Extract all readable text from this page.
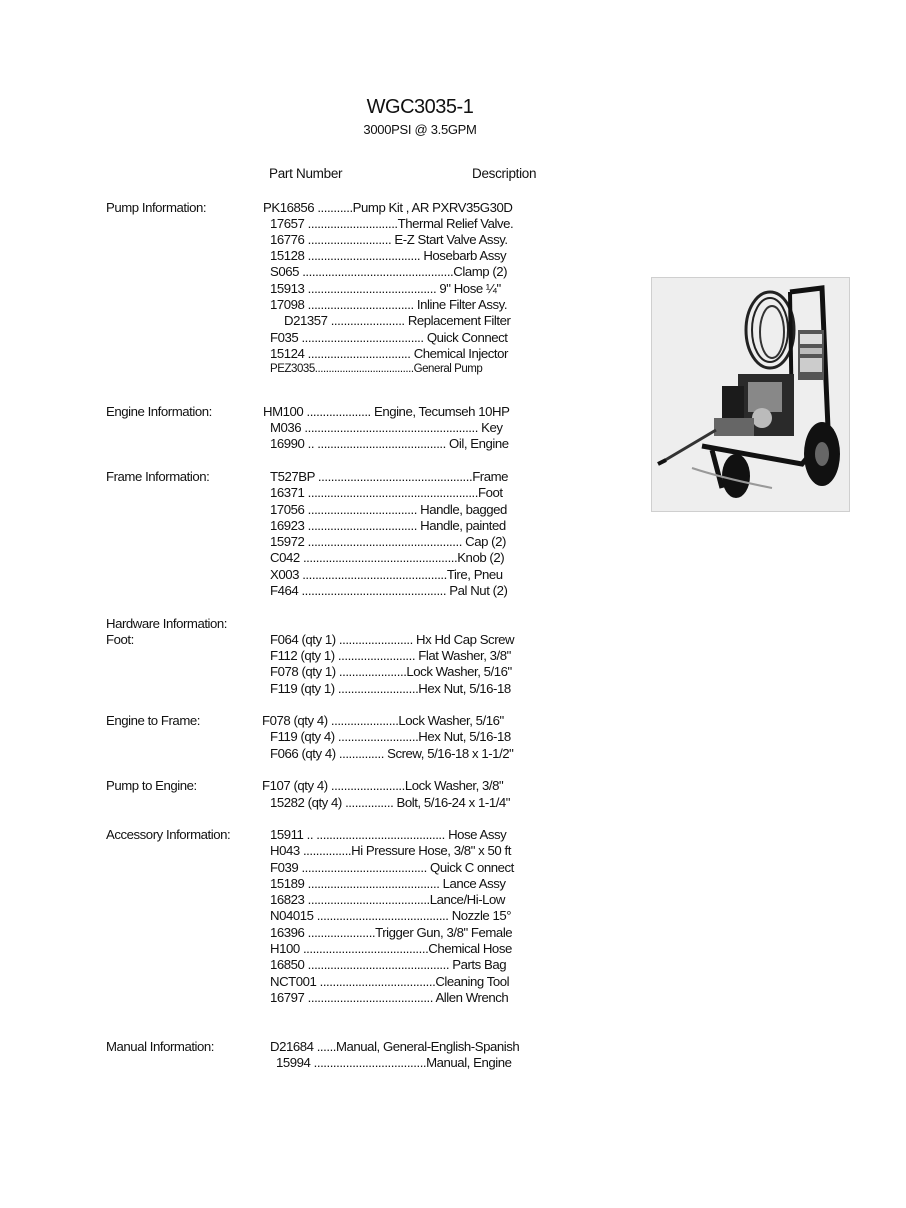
WGC3035-1
3000PSI @ 3.5GPM
Part Number	Description
Pump Information:
Engine Information:
Frame Information:
Hardware Information:
Foot:
Engine to Frame:
Pump to Engine:
Accessory Information:
Manual Information:
PK16856 ...........Pump Kit , AR PXRV35G30D
17657 ............................Thermal Relief Valve.
16776 .......................... E-Z Start Valve Assy.
15128 ................................... Hosebarb Assy
S065 ...............................................Clamp (2)
15913 ........................................ 9" Hose ¼"
17098 ................................. Inline Filter Assy.
D21357 ....................... Replacement Filter
F035 ...................................... Quick Connect
15124 ................................ Chemical Injector
PEZ3035....................................General Pump
HM100 .................... Engine, Tecumseh 10HP
M036 ...................................................... Key
16990 .. ........................................ Oil, Engine
T527BP ................................................Frame
16371 .....................................................Foot
17056 .................................. Handle, bagged
16923 .................................. Handle, painted
15972 ................................................ Cap (2)
C042 ................................................Knob (2)
X003 .............................................Tire, Pneu
F464 ............................................. Pal Nut (2)
F064 (qty 1) ....................... Hx Hd Cap Screw
F112 (qty 1) ........................ Flat Washer, 3/8"
F078 (qty 1) .....................Lock Washer, 5/16"
F119 (qty 1) .........................Hex Nut, 5/16-18
F078 (qty 4) .....................Lock Washer, 5/16"
F119 (qty 4) .........................Hex Nut, 5/16-18
F066 (qty 4) .............. Screw, 5/16-18 x 1-1/2"
F107 (qty 4) .......................Lock Washer, 3/8"
15282 (qty 4) ............... Bolt, 5/16-24 x 1-1/4"
15911 .. ........................................ Hose Assy
H043 ...............Hi Pressure Hose, 3/8" x 50 ft
F039 ....................................... Quick C onnect
15189 ......................................... Lance Assy
16823 ......................................Lance/Hi-Low
N04015 ......................................... Nozzle 15°
16396 .....................Trigger Gun, 3/8" Female
H100 .......................................Chemical Hose
16850 ............................................ Parts Bag
NCT001 ....................................Cleaning Tool
16797 ....................................... Allen Wrench
D21684 ......Manual, General-English-Spanish
15994 ...................................Manual, Engine
